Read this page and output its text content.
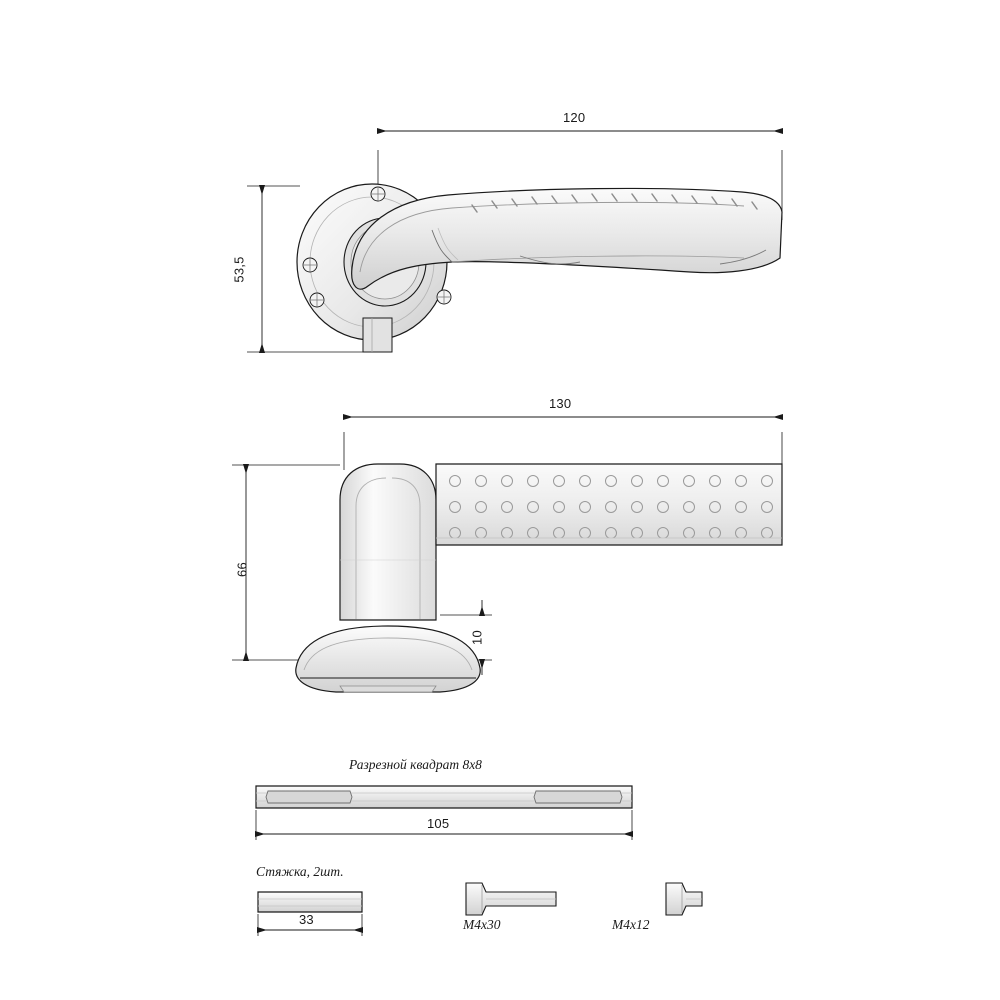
120
53,5
130
66
10
Разрезной квадрат 8x8
105
Стяжка, 2шт.
33	M4x30	M4x12
